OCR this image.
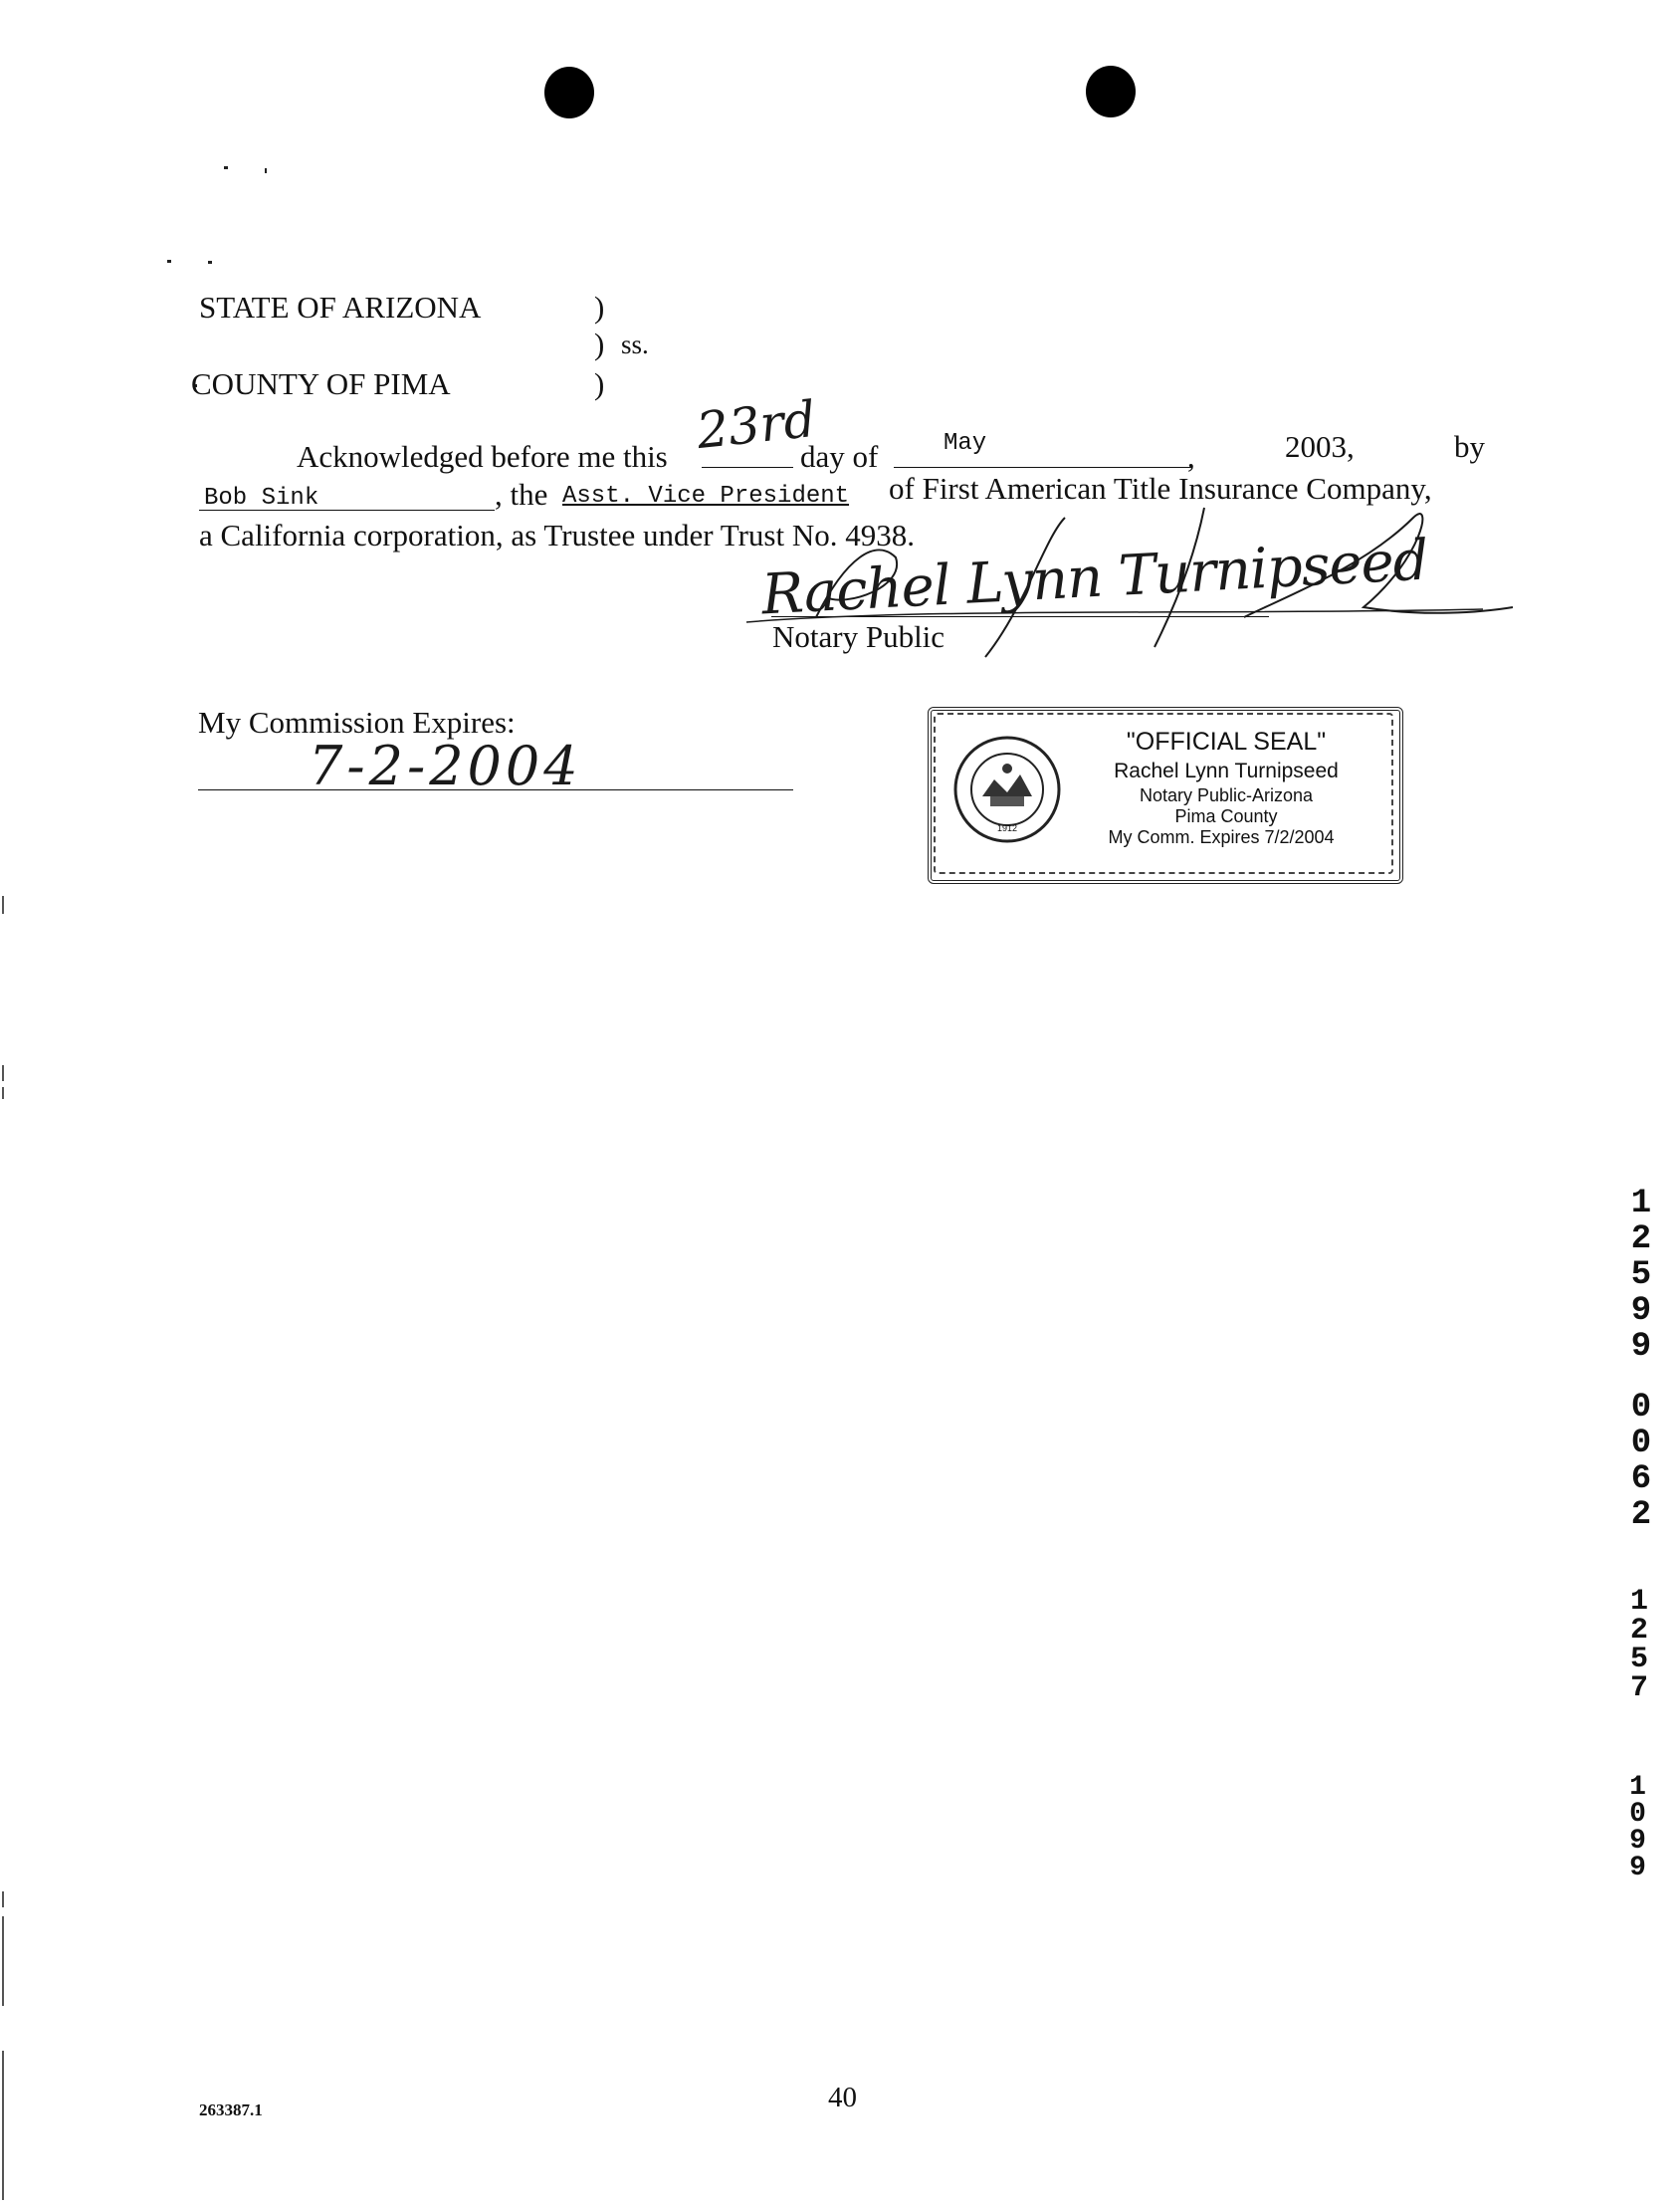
STATE OF ARIZONA	)
) ss.
COUNTY OF PIMA	)
Acknowledged before me this 23rd
day of	May	,	2003,	by
Bob Sink	, the Asst. Vice President of First American Title Insurance Company,
a California corporation, as Trustee under Trust No. 4938.
Rachel Lynn Turnipseed
Notary Public
My Commission Expires:
7-2-2004
1912
"OFFICIAL SEAL"
Rachel Lynn Turnipseed
Notary Public-Arizona
Pima County
My Comm. Expires 7/2/2004
12599
0062
1257
1099
263387.1	40
